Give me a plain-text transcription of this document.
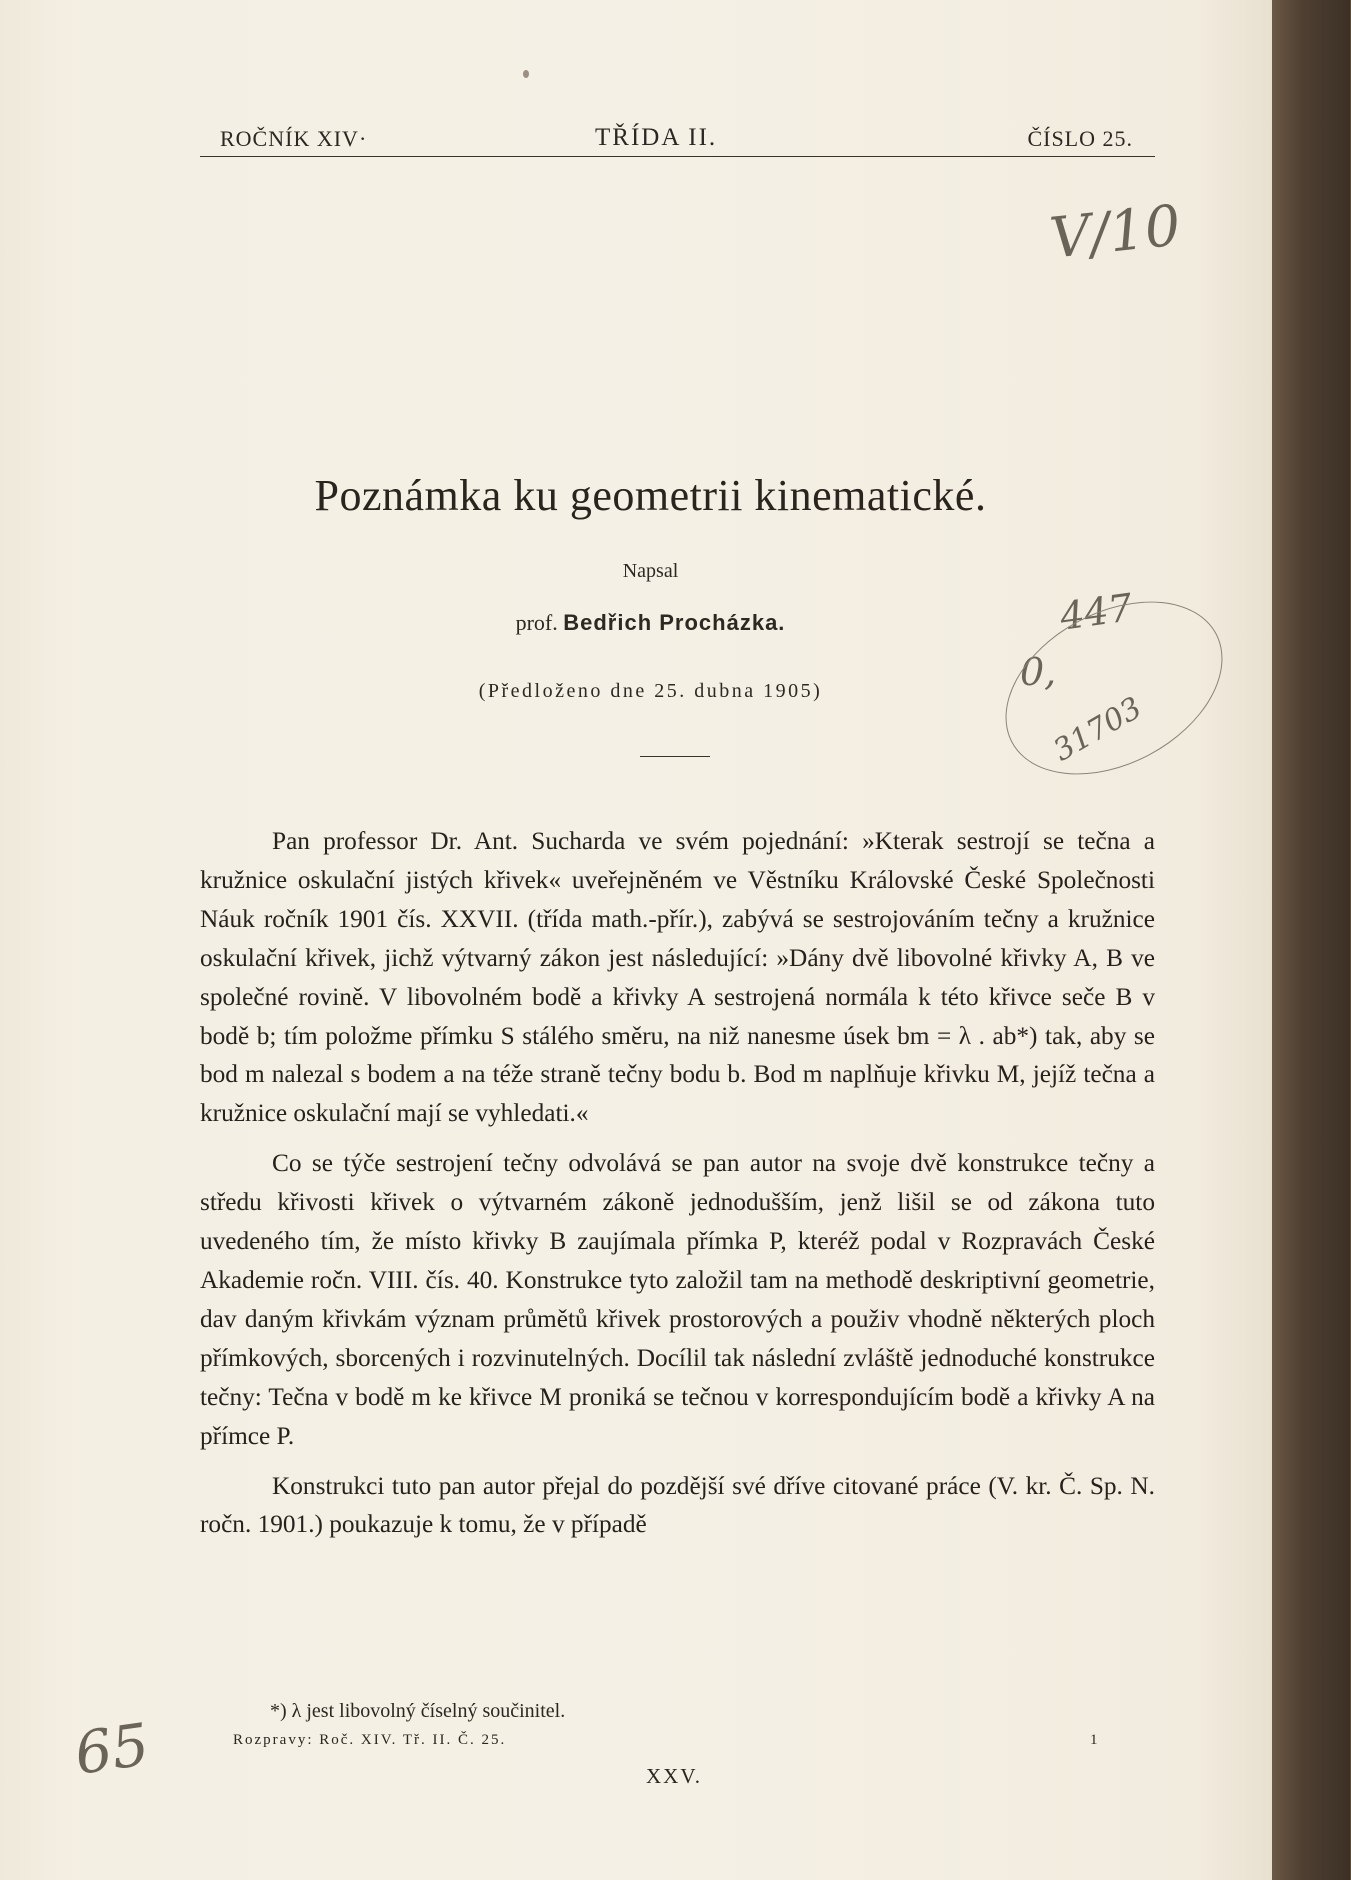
ROČNÍK XIV·	TŘÍDA II.	ČÍSLO 25.
V/10
447
0,
31703
Poznámka ku geometrii kinematické.
Napsal
prof. Bedřich Procházka.
(Předloženo dne 25. dubna 1905)

Pan professor Dr. Ant. Sucharda ve svém pojednání: »Kterak sestrojí se tečna a kružnice oskulační jistých křivek« uveřejněném ve Věstníku Královské České Společnosti Náuk ročník 1901 čís. XXVII. (třída math.-přír.), zabývá se sestrojováním tečny a kružnice oskulační křivek, jichž výtvarný zákon jest následující: »Dány dvě libovolné křivky A, B ve společné rovině. V libovolném bodě a křivky A sestrojená normála k této křivce seče B v bodě b; tím položme přímku S stálého směru, na niž nanesme úsek bm = λ . ab*) tak, aby se bod m nalezal s bodem a na téže straně tečny bodu b. Bod m naplňuje křivku M, jejíž tečna a kružnice oskulační mají se vyhledati.«

Co se týče sestrojení tečny odvolává se pan autor na svoje dvě konstrukce tečny a středu křivosti křivek o výtvarném zákoně jednodušším, jenž lišil se od zákona tuto uvedeného tím, že místo křivky B zaujímala přímka P, kteréž podal v Rozpravách České Akademie ročn. VIII. čís. 40. Konstrukce tyto založil tam na methodě deskriptivní geometrie, dav daným křivkám význam průmětů křivek prostorových a použiv vhodně některých ploch přímkových, sborcených i rozvinutelných. Docílil tak následní zvláště jednoduché konstrukce tečny: Tečna v bodě m ke křivce M proniká se tečnou v korrespondujícím bodě a křivky A na přímce P.

Konstrukci tuto pan autor přejal do pozdější své dříve citované práce (V. kr. Č. Sp. N. ročn. 1901.) poukazuje k tomu, že v případě

*) λ jest libovolný číselný součinitel.
Rozpravy: Roč. XIV. Tř. II. Č. 25.	1
XXV.
65
